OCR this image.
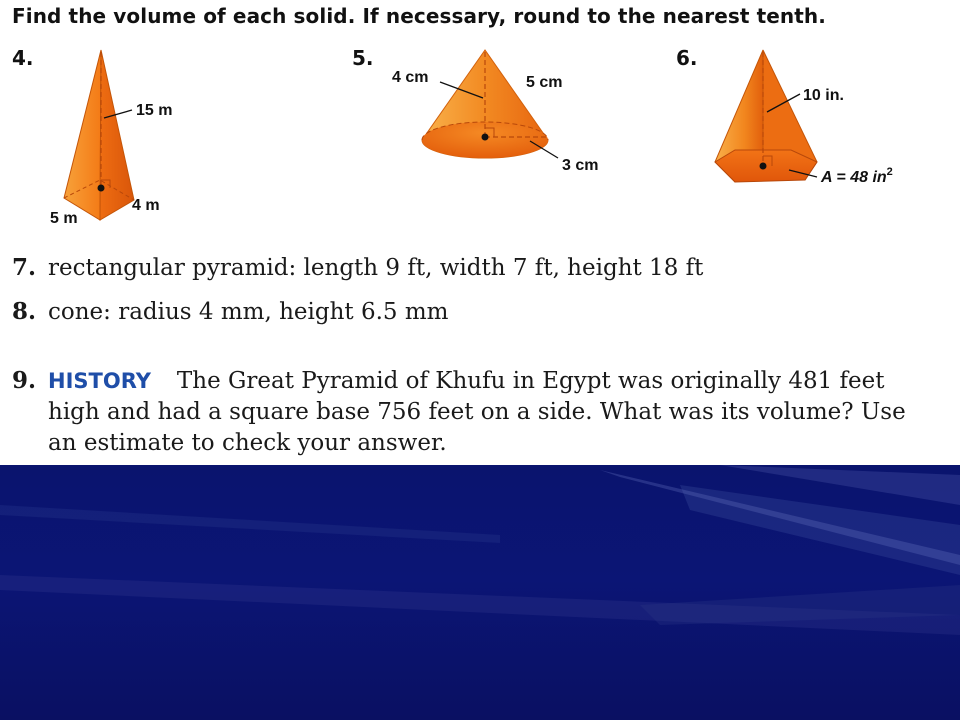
Find the volume of each solid. If necessary, round to the nearest tenth.
4.
15 m
4 m
5 m
5.
4 cm	5 cm
3 cm
6.
10 in.
A = 48 $in^2$
7. rectangular pyramid: length 9 ft, width 7 ft, height 18 ft
8. cone: radius 4 mm, height 6.5 mm
9. HISTORY The Great Pyramid of Khufu in Egypt was originally 481 feet
high and had a square base 756 feet on a side. What was its volume? Use
an estimate to check your answer.
